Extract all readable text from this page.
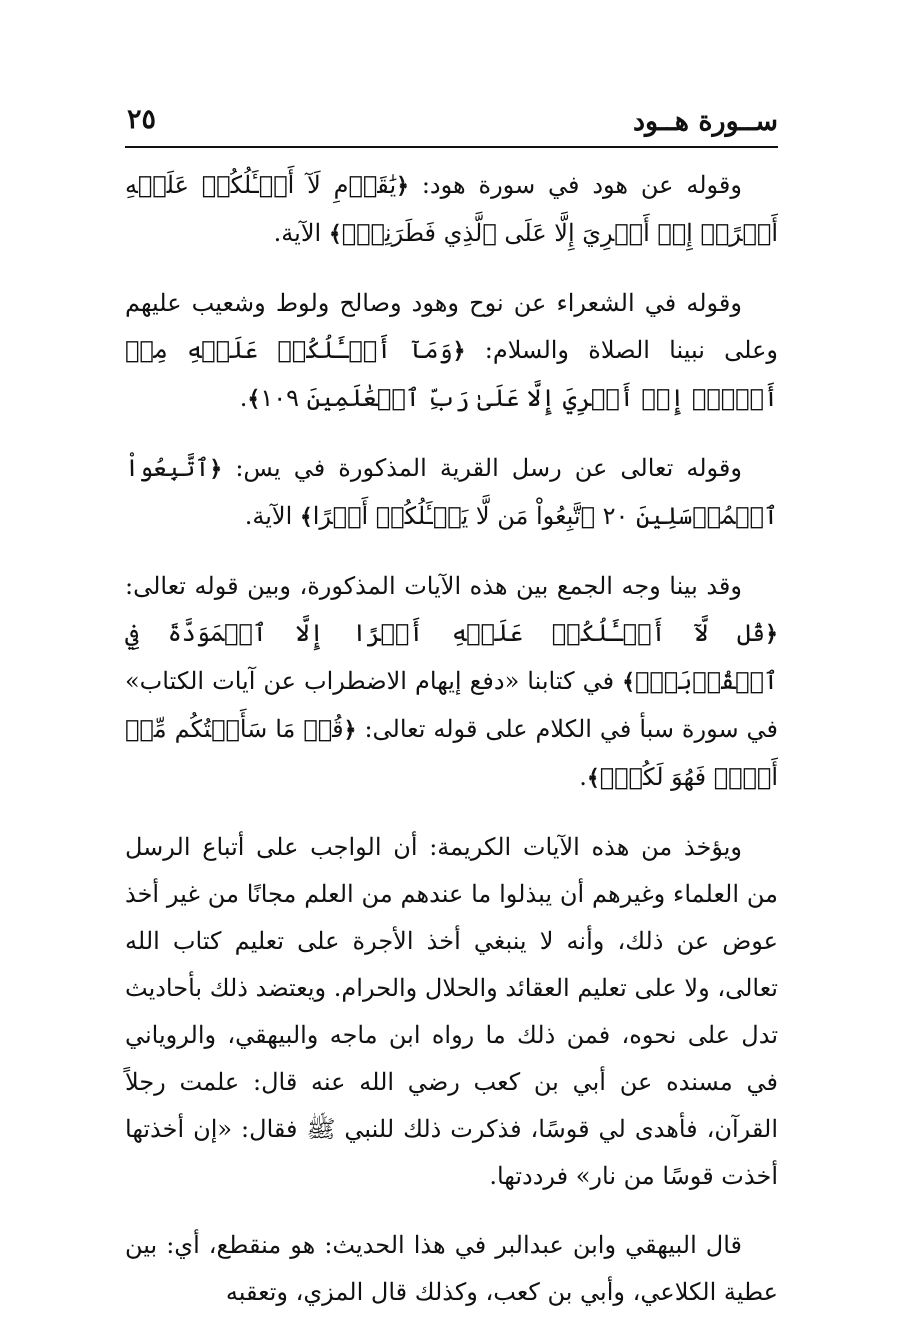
ســورة هــود
٢٥

وقوله عن هود في سورة هود: ﴿يَٰقَوۡمِ لَآ أَسۡـَٔلُكُمۡ عَلَيۡهِ أَجۡرًاۖ إِنۡ أَجۡرِيَ إِلَّا عَلَى ٱلَّذِي فَطَرَنِيٓۚ﴾ الآية.

وقوله في الشعراء عن نوح وهود وصالح ولوط وشعيب عليهم وعلى نبينا الصلاة والسلام: ﴿وَمَآ أَسۡـَٔلُكُمۡ عَلَيۡهِ مِنۡ أَجۡرٍۖ إِنۡ أَجۡرِيَ إِلَّا عَلَىٰ رَبِّ ٱلۡعَٰلَمِينَ ١٠٩﴾.

وقوله تعالى عن رسل القرية المذكورة في يس: ﴿ٱتَّبِعُواْ ٱلۡمُرۡسَلِينَ ٢٠ ٱتَّبِعُواْ مَن لَّا يَسۡـَٔلُكُمۡ أَجۡرًا﴾ الآية.

وقد بينا وجه الجمع بين هذه الآيات المذكورة، وبين قوله تعالى: ﴿قُل لَّآ أَسۡـَٔلُكُمۡ عَلَيۡهِ أَجۡرًا إِلَّا ٱلۡمَوَدَّةَ فِي ٱلۡقُرۡبَىٰۗ﴾ في كتابنا «دفع إيهام الاضطراب عن آيات الكتاب» في سورة سبأ في الكلام على قوله تعالى: ﴿قُلۡ مَا سَأَلۡتُكُم مِّنۡ أَجۡرٖ فَهُوَ لَكُمۡۖ﴾.

ويؤخذ من هذه الآيات الكريمة: أن الواجب على أتباع الرسل من العلماء وغيرهم أن يبذلوا ما عندهم من العلم مجانًا من غير أخذ عوض عن ذلك، وأنه لا ينبغي أخذ الأجرة على تعليم كتاب الله تعالى، ولا على تعليم العقائد والحلال والحرام. ويعتضد ذلك بأحاديث تدل على نحوه، فمن ذلك ما رواه ابن ماجه والبيهقي، والروياني في مسنده عن أبي بن كعب رضي الله عنه قال: علمت رجلاً القرآن، فأهدى لي قوسًا، فذكرت ذلك للنبي ﷺ فقال: «إن أخذتها أخذت قوسًا من نار» فرددتها.

قال البيهقي وابن عبدالبر في هذا الحديث: هو منقطع، أي: بين عطية الكلاعي، وأبي بن كعب، وكذلك قال المزي، وتعقبه
